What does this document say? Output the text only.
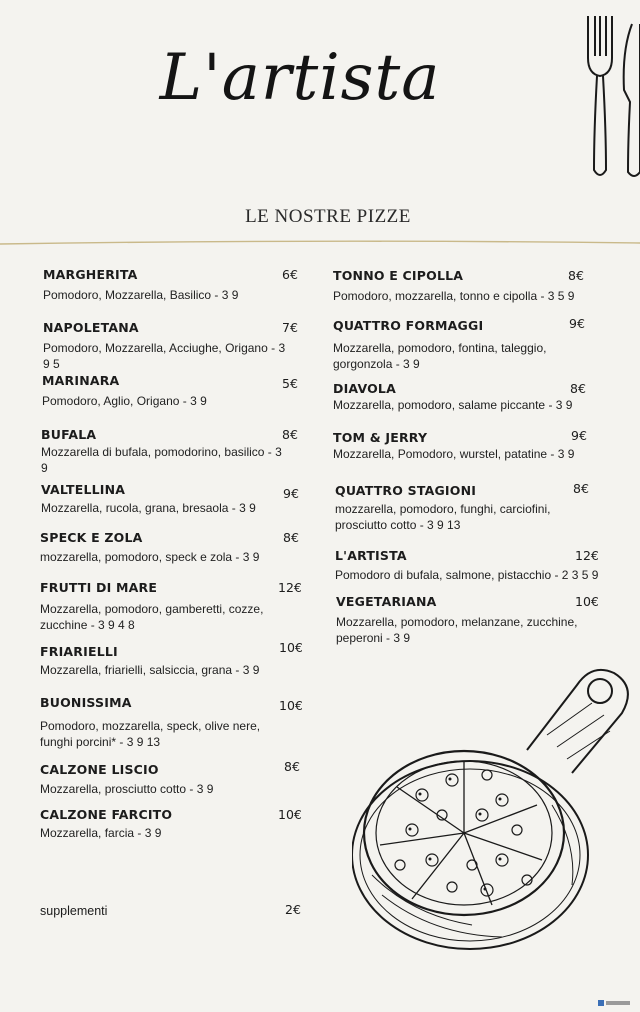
L'artista
LE NOSTRE PIZZE
MARGHERITA	6€
Pomodoro, Mozzarella, Basilico - 3 9
NAPOLETANA	7€
Pomodoro, Mozzarella, Acciughe, Origano - 3 9 5
MARINARA	5€
Pomodoro, Aglio, Origano - 3 9
BUFALA	8€
Mozzarella di bufala, pomodorino, basilico - 3 9
VALTELLINA	9€
Mozzarella, rucola, grana, bresaola - 3 9
SPECK E ZOLA	8€
mozzarella, pomodoro, speck e zola - 3 9
FRUTTI DI MARE	12€
Mozzarella, pomodoro, gamberetti, cozze, zucchine - 3 9 4 8
FRIARIELLI	10€
Mozzarella, friarielli, salsiccia, grana - 3 9
BUONISSIMA	10€
Pomodoro, mozzarella, speck, olive nere, funghi porcini* - 3 9 13
CALZONE LISCIO	8€
Mozzarella, prosciutto cotto - 3 9
CALZONE FARCITO	10€
Mozzarella, farcia - 3 9
TONNO E CIPOLLA	8€
Pomodoro, mozzarella, tonno e cipolla - 3 5 9
QUATTRO FORMAGGI	9€
Mozzarella, pomodoro, fontina, taleggio, gorgonzola - 3 9
DIAVOLA	8€
Mozzarella, pomodoro, salame piccante - 3 9
TOM & JERRY	9€
Mozzarella, Pomodoro, wurstel, patatine - 3 9
QUATTRO STAGIONI	8€
mozzarella, pomodoro, funghi, carciofini, prosciutto cotto - 3 9 13
L'ARTISTA	12€
Pomodoro di bufala, salmone, pistacchio - 2 3 5 9
VEGETARIANA	10€
Mozzarella, pomodoro, melanzane, zucchine, peperoni - 3 9
supplementi	2€
